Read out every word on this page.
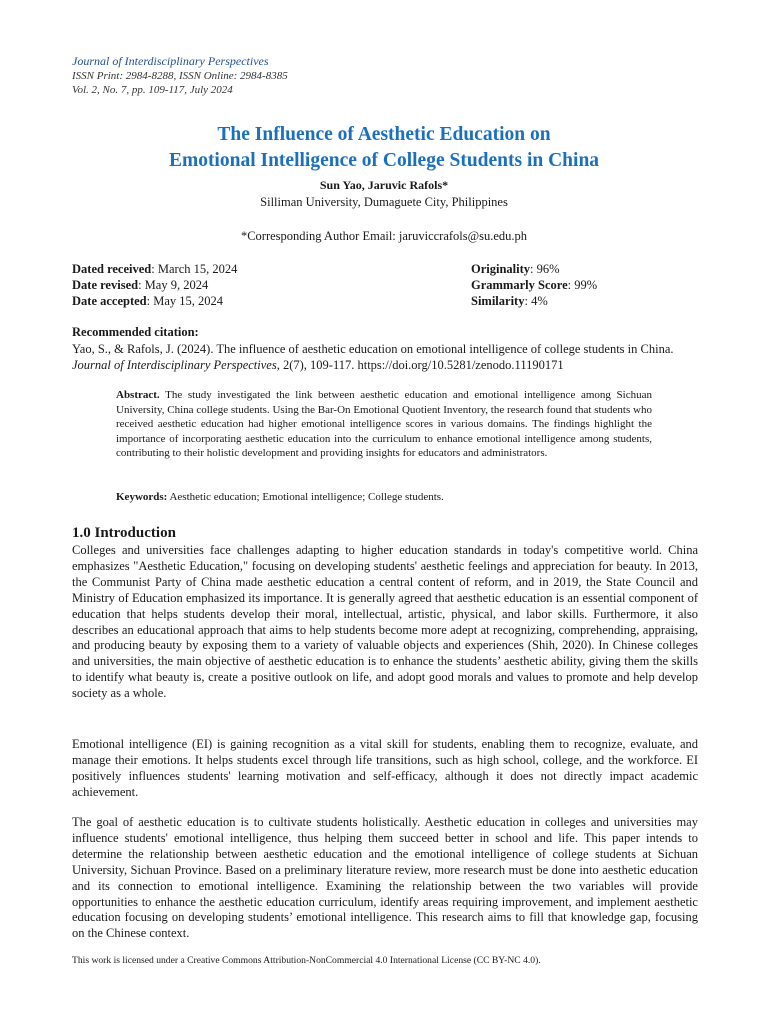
Journal of Interdisciplinary Perspectives
ISSN Print: 2984-8288, ISSN Online: 2984-8385
Vol. 2, No. 7, pp. 109-117, July 2024
The Influence of Aesthetic Education on
Emotional Intelligence of College Students in China
Sun Yao, Jaruvic Rafols*
Silliman University, Dumaguete City, Philippines
*Corresponding Author Email: jaruviccrafols@su.edu.ph
Dated received: March 15, 2024
Date revised: May 9, 2024
Date accepted: May 15, 2024
Originality: 96%
Grammarly Score: 99%
Similarity: 4%
Recommended citation:
Yao, S., & Rafols, J. (2024). The influence of aesthetic education on emotional intelligence of college students in China. Journal of Interdisciplinary Perspectives, 2(7), 109-117. https://doi.org/10.5281/zenodo.11190171
Abstract. The study investigated the link between aesthetic education and emotional intelligence among Sichuan University, China college students. Using the Bar-On Emotional Quotient Inventory, the research found that students who received aesthetic education had higher emotional intelligence scores in various domains. The findings highlight the importance of incorporating aesthetic education into the curriculum to enhance emotional intelligence among students, contributing to their holistic development and providing insights for educators and administrators.
Keywords: Aesthetic education; Emotional intelligence; College students.
1.0 Introduction
Colleges and universities face challenges adapting to higher education standards in today's competitive world. China emphasizes "Aesthetic Education," focusing on developing students' aesthetic feelings and appreciation for beauty. In 2013, the Communist Party of China made aesthetic education a central content of reform, and in 2019, the State Council and Ministry of Education emphasized its importance. It is generally agreed that aesthetic education is an essential component of education that helps students develop their moral, intellectual, artistic, physical, and labor skills. Furthermore, it also describes an educational approach that aims to help students become more adept at recognizing, comprehending, appraising, and producing beauty by exposing them to a variety of valuable objects and experiences (Shih, 2020). In Chinese colleges and universities, the main objective of aesthetic education is to enhance the students’ aesthetic ability, giving them the skills to identify what beauty is, create a positive outlook on life, and adopt good morals and values to promote and help develop society as a whole.
Emotional intelligence (EI) is gaining recognition as a vital skill for students, enabling them to recognize, evaluate, and manage their emotions. It helps students excel through life transitions, such as high school, college, and the workforce. EI positively influences students' learning motivation and self-efficacy, although it does not directly impact academic achievement.
The goal of aesthetic education is to cultivate students holistically. Aesthetic education in colleges and universities may influence students' emotional intelligence, thus helping them succeed better in school and life. This paper intends to determine the relationship between aesthetic education and the emotional intelligence of college students at Sichuan University, Sichuan Province. Based on a preliminary literature review, more research must be done into aesthetic education and its connection to emotional intelligence. Examining the relationship between the two variables will provide opportunities to enhance the aesthetic education curriculum, identify areas requiring improvement, and implement aesthetic education focusing on developing students’ emotional intelligence. This research aims to fill that knowledge gap, focusing on the Chinese context.
This work is licensed under a Creative Commons Attribution-NonCommercial 4.0 International License (CC BY-NC 4.0).
